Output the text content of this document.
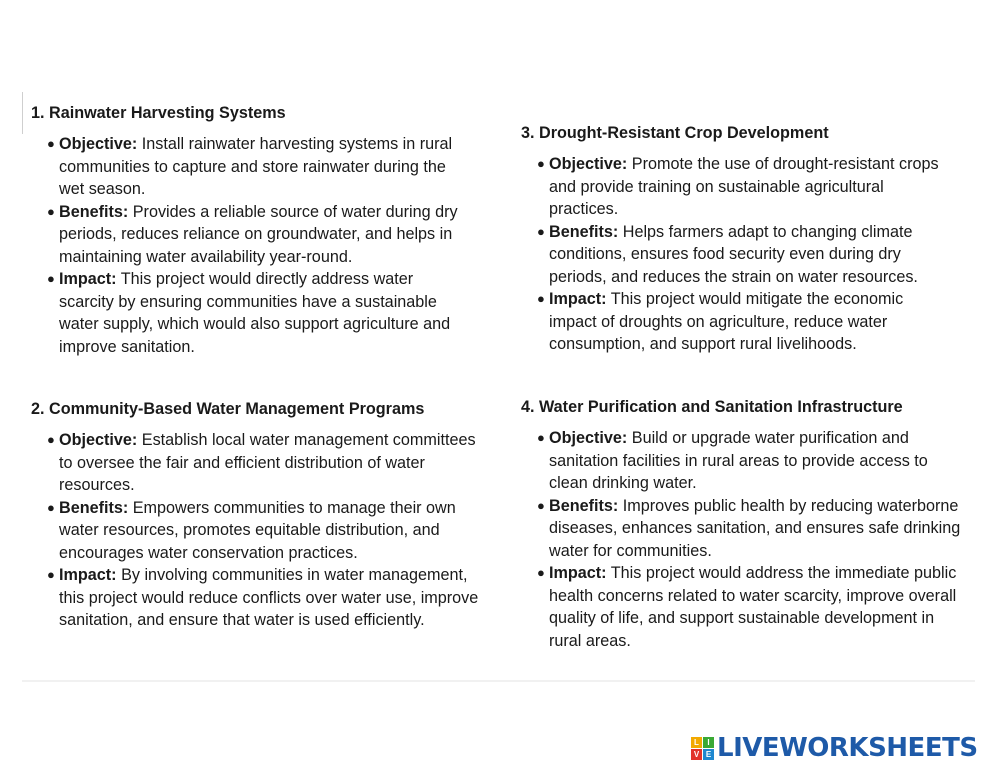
1. Rainwater Harvesting Systems
● Objective: Install rainwater harvesting systems in rural communities to capture and store rainwater during the wet season.
● Benefits: Provides a reliable source of water during dry periods, reduces reliance on groundwater, and helps in maintaining water availability year-round.
● Impact: This project would directly address water scarcity by ensuring communities have a sustainable water supply, which would also support agriculture and improve sanitation.
2. Community-Based Water Management Programs
● Objective: Establish local water management committees to oversee the fair and efficient distribution of water resources.
● Benefits: Empowers communities to manage their own water resources, promotes equitable distribution, and encourages water conservation practices.
● Impact: By involving communities in water management, this project would reduce conflicts over water use, improve sanitation, and ensure that water is used efficiently.
3. Drought-Resistant Crop Development
● Objective: Promote the use of drought-resistant crops and provide training on sustainable agricultural practices.
● Benefits: Helps farmers adapt to changing climate conditions, ensures food security even during dry periods, and reduces the strain on water resources.
● Impact: This project would mitigate the economic impact of droughts on agriculture, reduce water consumption, and support rural livelihoods.
4. Water Purification and Sanitation Infrastructure
● Objective: Build or upgrade water purification and sanitation facilities in rural areas to provide access to clean drinking water.
● Benefits: Improves public health by reducing waterborne diseases, enhances sanitation, and ensures safe drinking water for communities.
● Impact: This project would address the immediate public health concerns related to water scarcity, improve overall quality of life, and support sustainable development in rural areas.
L	I
V E LIVEWORKSHEETS
